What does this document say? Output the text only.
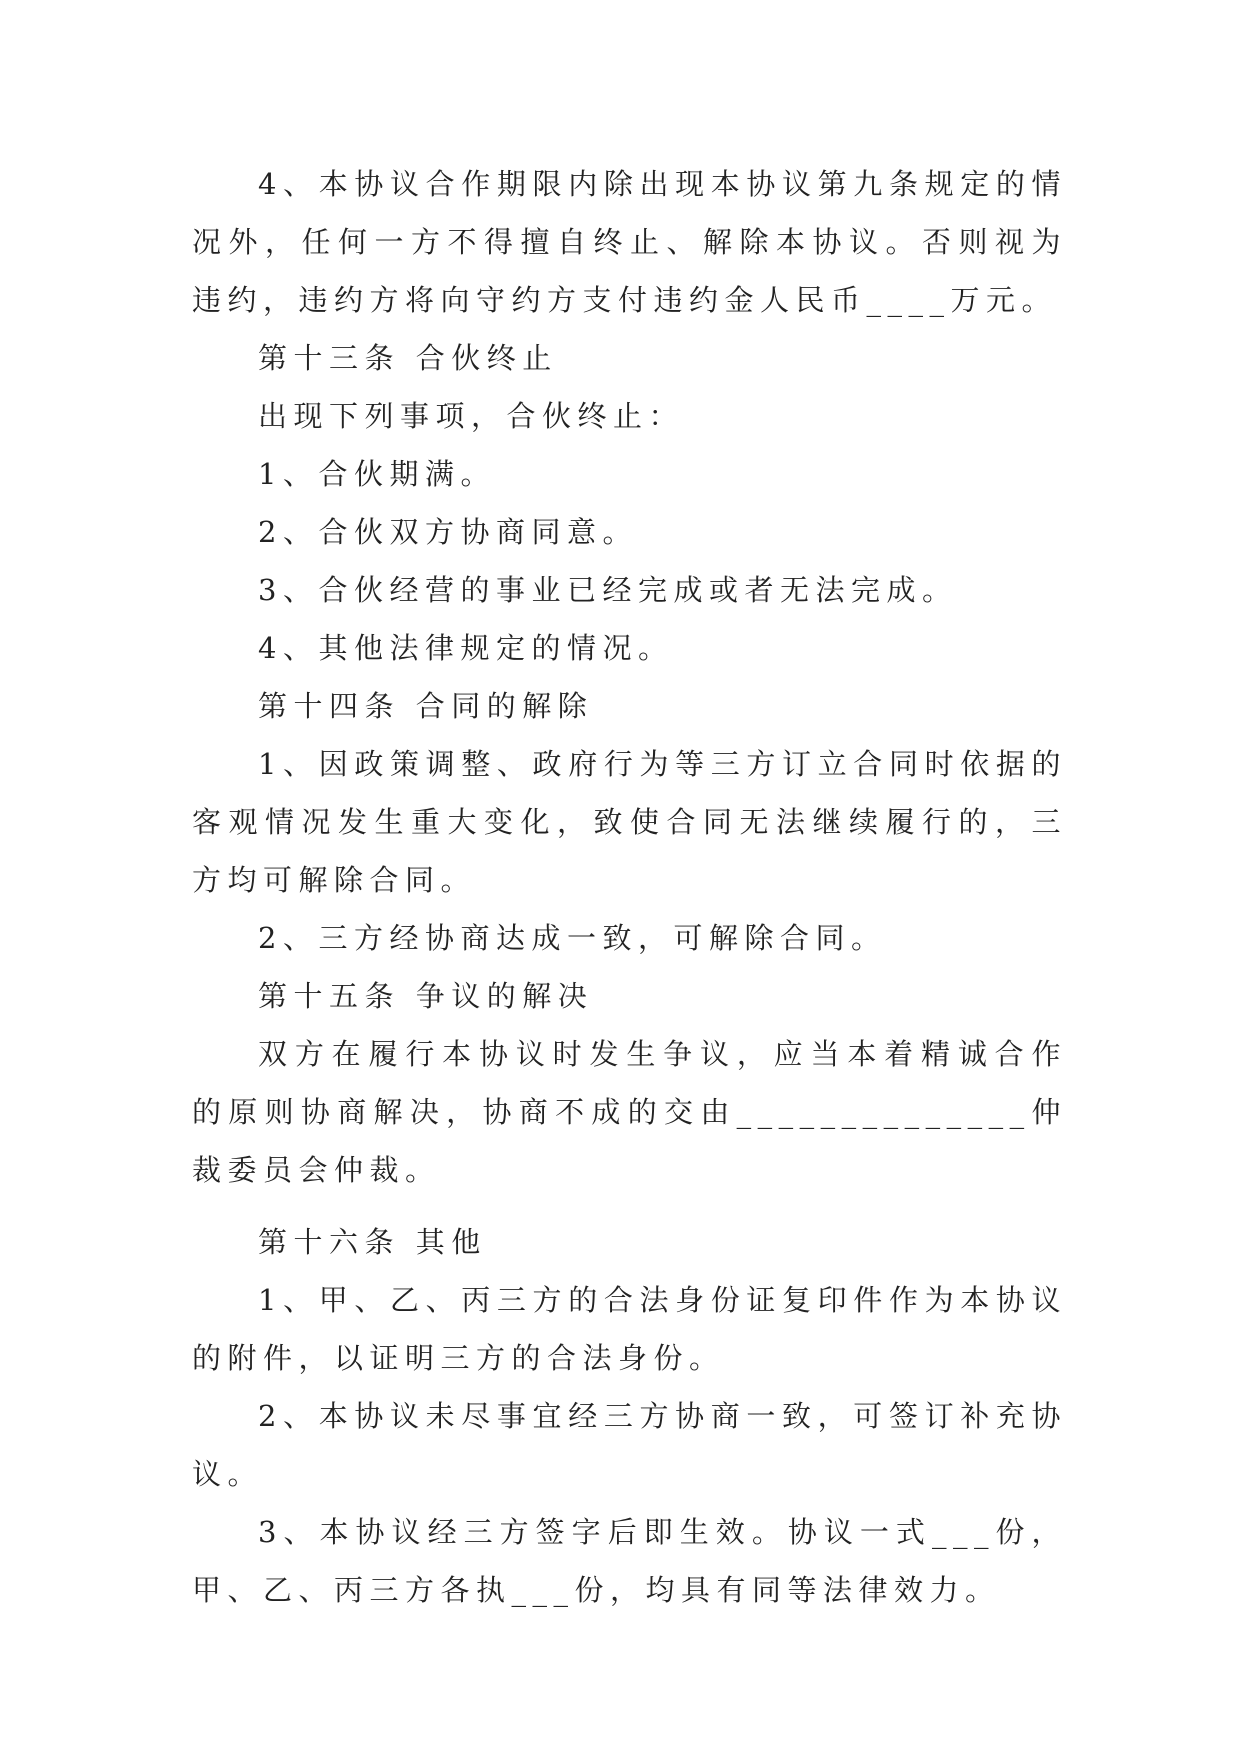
4、本协议合作期限内除出现本协议第九条规定的情况外，任何一方不得擅自终止、解除本协议。否则视为违约，违约方将向守约方支付违约金人民币____万元。

第十三条 合伙终止

出现下列事项，合伙终止：

1、合伙期满。

2、合伙双方协商同意。

3、合伙经营的事业已经完成或者无法完成。

4、其他法律规定的情况。

第十四条 合同的解除

1、因政策调整、政府行为等三方订立合同时依据的客观情况发生重大变化，致使合同无法继续履行的，三方均可解除合同。

2、三方经协商达成一致，可解除合同。

第十五条 争议的解决

双方在履行本协议时发生争议，应当本着精诚合作的原则协商解决，协商不成的交由______________仲裁委员会仲裁。

第十六条 其他

1、甲、乙、丙三方的合法身份证复印件作为本协议的附件，以证明三方的合法身份。

2、本协议未尽事宜经三方协商一致，可签订补充协议。

3、本协议经三方签字后即生效。协议一式___份，甲、乙、丙三方各执___份，均具有同等法律效力。
